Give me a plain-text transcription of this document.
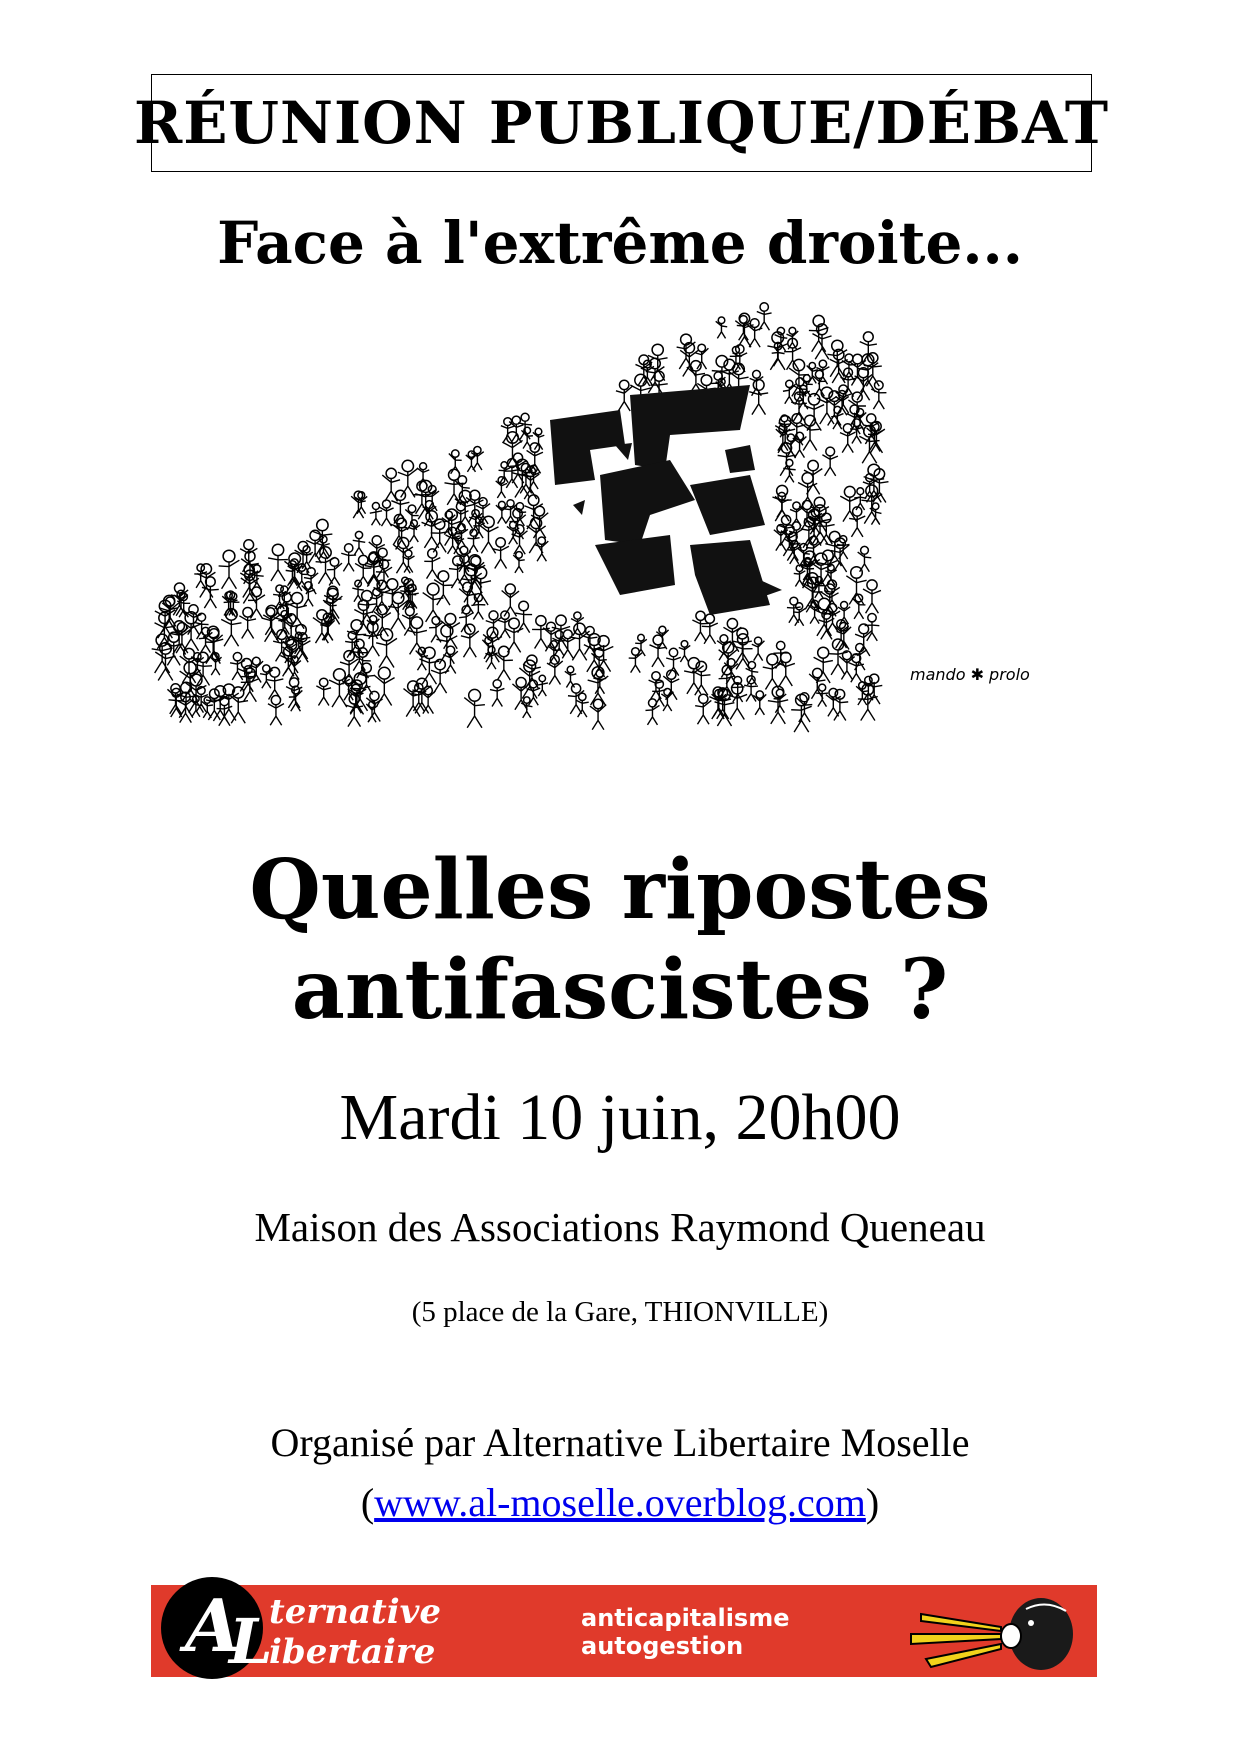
RÉUNION PUBLIQUE/DÉBAT
Face à l'extrême droite...
mando ✱ prolo
Quelles ripostes
antifascistes ?
Mardi 10 juin, 20h00
Maison des Associations Raymond Queneau
(5 place de la Gare, THIONVILLE)
Organisé par Alternative Libertaire Moselle
(www.al-moselle.overblog.com)
A
L
ternative
ibertaire
anticapitalisme
autogestion
